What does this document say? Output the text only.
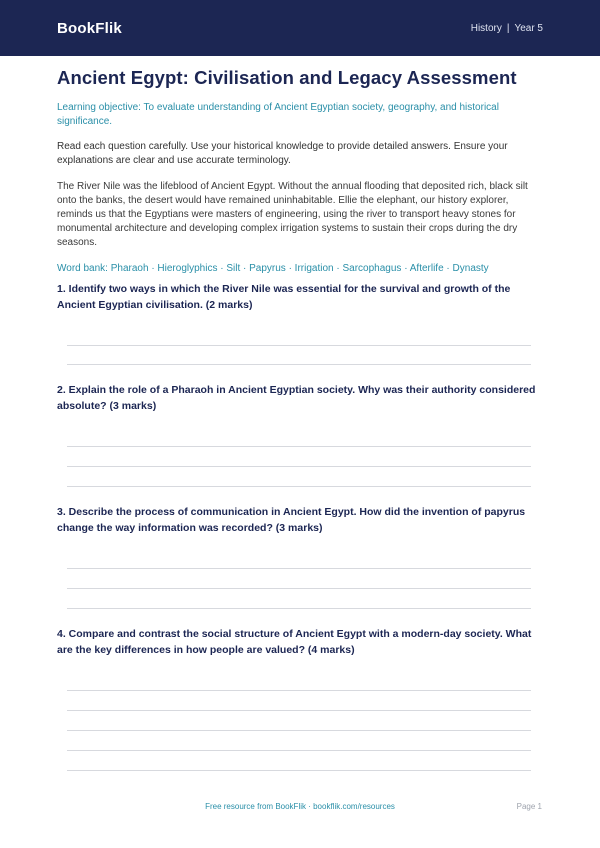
BookFlik	History | Year 5
Ancient Egypt: Civilisation and Legacy Assessment
Learning objective: To evaluate understanding of Ancient Egyptian society, geography, and historical significance.
Read each question carefully. Use your historical knowledge to provide detailed answers. Ensure your explanations are clear and use accurate terminology.
The River Nile was the lifeblood of Ancient Egypt. Without the annual flooding that deposited rich, black silt onto the banks, the desert would have remained uninhabitable. Ellie the elephant, our history explorer, reminds us that the Egyptians were masters of engineering, using the river to transport heavy stones for monumental architecture and developing complex irrigation systems to sustain their crops during the dry seasons.
Word bank: Pharaoh · Hieroglyphics · Silt · Papyrus · Irrigation · Sarcophagus · Afterlife · Dynasty
1. Identify two ways in which the River Nile was essential for the survival and growth of the Ancient Egyptian civilisation. (2 marks)
2. Explain the role of a Pharaoh in Ancient Egyptian society. Why was their authority considered absolute? (3 marks)
3. Describe the process of communication in Ancient Egypt. How did the invention of papyrus change the way information was recorded? (3 marks)
4. Compare and contrast the social structure of Ancient Egypt with a modern-day society. What are the key differences in how people are valued? (4 marks)
Free resource from BookFlik · bookflik.com/resources	Page 1
